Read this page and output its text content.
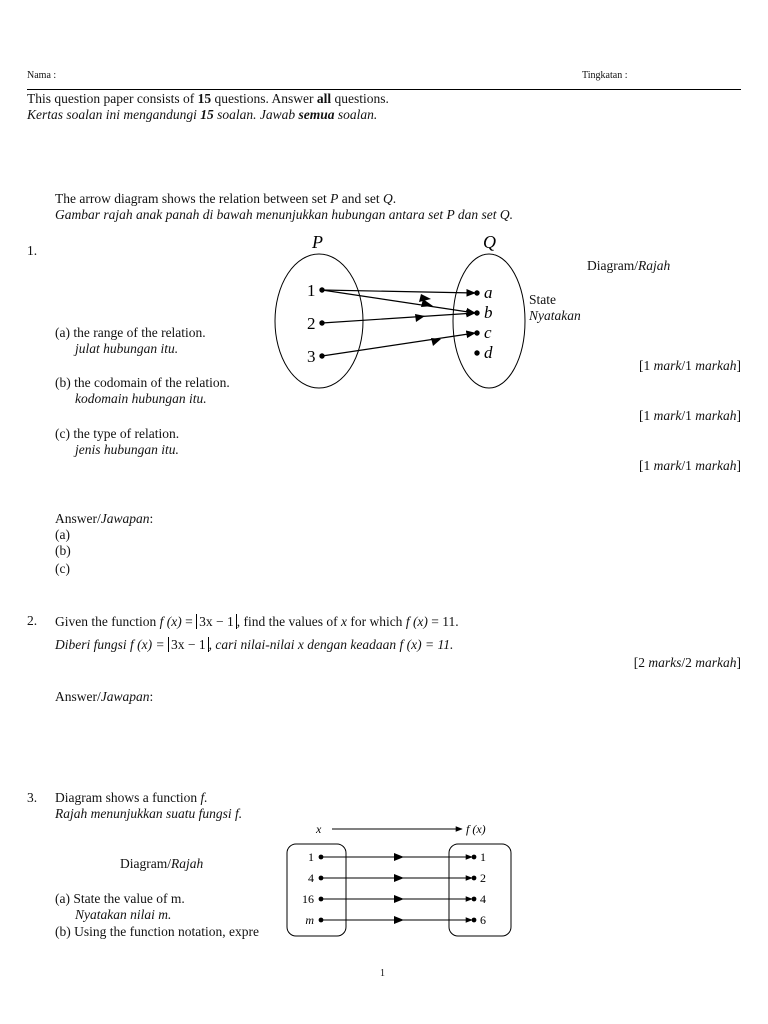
Nama :	Tingkatan :
This question paper consists of 15 questions. Answer all questions.
Kertas soalan ini mengandungi 15 soalan. Jawab semua soalan.
The arrow diagram shows the relation between set P and set Q.
Gambar rajah anak panah di bawah menunjukkan hubungan antara set P dan set Q.
1.	P	Q
1
2
3
a
b
c
d
Diagram/Rajah
State
Nyatakan
(a) the range of the relation.
julat hubungan itu.
[1 mark/1 markah]
(b) the codomain of the relation.
kodomain hubungan itu.
[1 mark/1 markah]
(c) the type of relation.
jenis hubungan itu.
[1 mark/1 markah]
Answer/Jawapan:
(a)
(b)
(c)
2. Given the function f (x) = 3x − 1 , find the values of x for which f (x) = 11.
Diberi fungsi f (x) = 3x − 1 , cari nilai-nilai x dengan keadaan f (x) = 11.
[2 marks/2 markah]
Answer/Jawapan:
3. Diagram shows a function f.
Rajah menunjukkan suatu fungsi f.
Diagram/Rajah
(a) State the value of m.
Nyatakan nilai m.
(b) Using the function notation, expre
x	f (x)
1
4
16
m
1
2
4
6
1
